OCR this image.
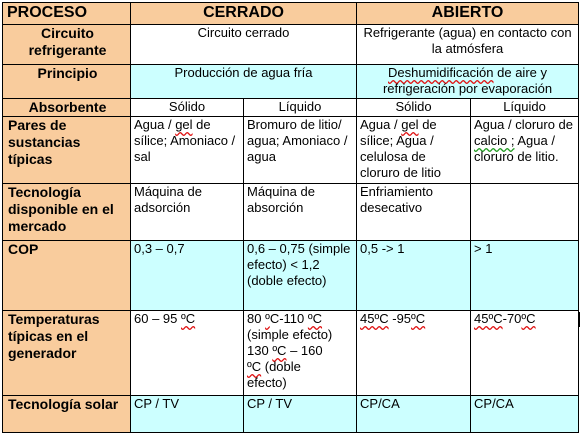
PROCESO	CERRADO		ABIERTO	
Circuito refrigerante	Circuito cerrado		Refrigerante (agua) en contacto con la atmósfera	
Principio	Producción de agua fría		Deshumidificación de aire y refrigeración por evaporación	
Absorbente	Sólido	Líquido	Sólido	Líquido
Pares de sustancias típicas	Agua / gel de sílice; Amoniaco / sal	Bromuro de litio/ agua; Amoniaco / agua	Agua / gel de sílice; Agua / celulosa de cloruro de litio	Agua / cloruro de calcio ; Agua / cloruro de litio.
Tecnología disponible en el mercado	Máquina de adsorción	Máquina de absorción	Enfriamiento desecativo	
COP	0,3 – 0,7	0,6 – 0,75 (simple efecto) < 1,2 (doble efecto)	0,5 -> 1	> 1
Temperaturas típicas en el generador	60 – 95 ºC	80 ºC-110 ºC
(simple efecto)
130 ºC – 160
ºC (doble
efecto)	45ºC -95ºC	45ºC-70ºC
Tecnología solar	CP / TV	CP / TV	CP/CA	CP/CA
